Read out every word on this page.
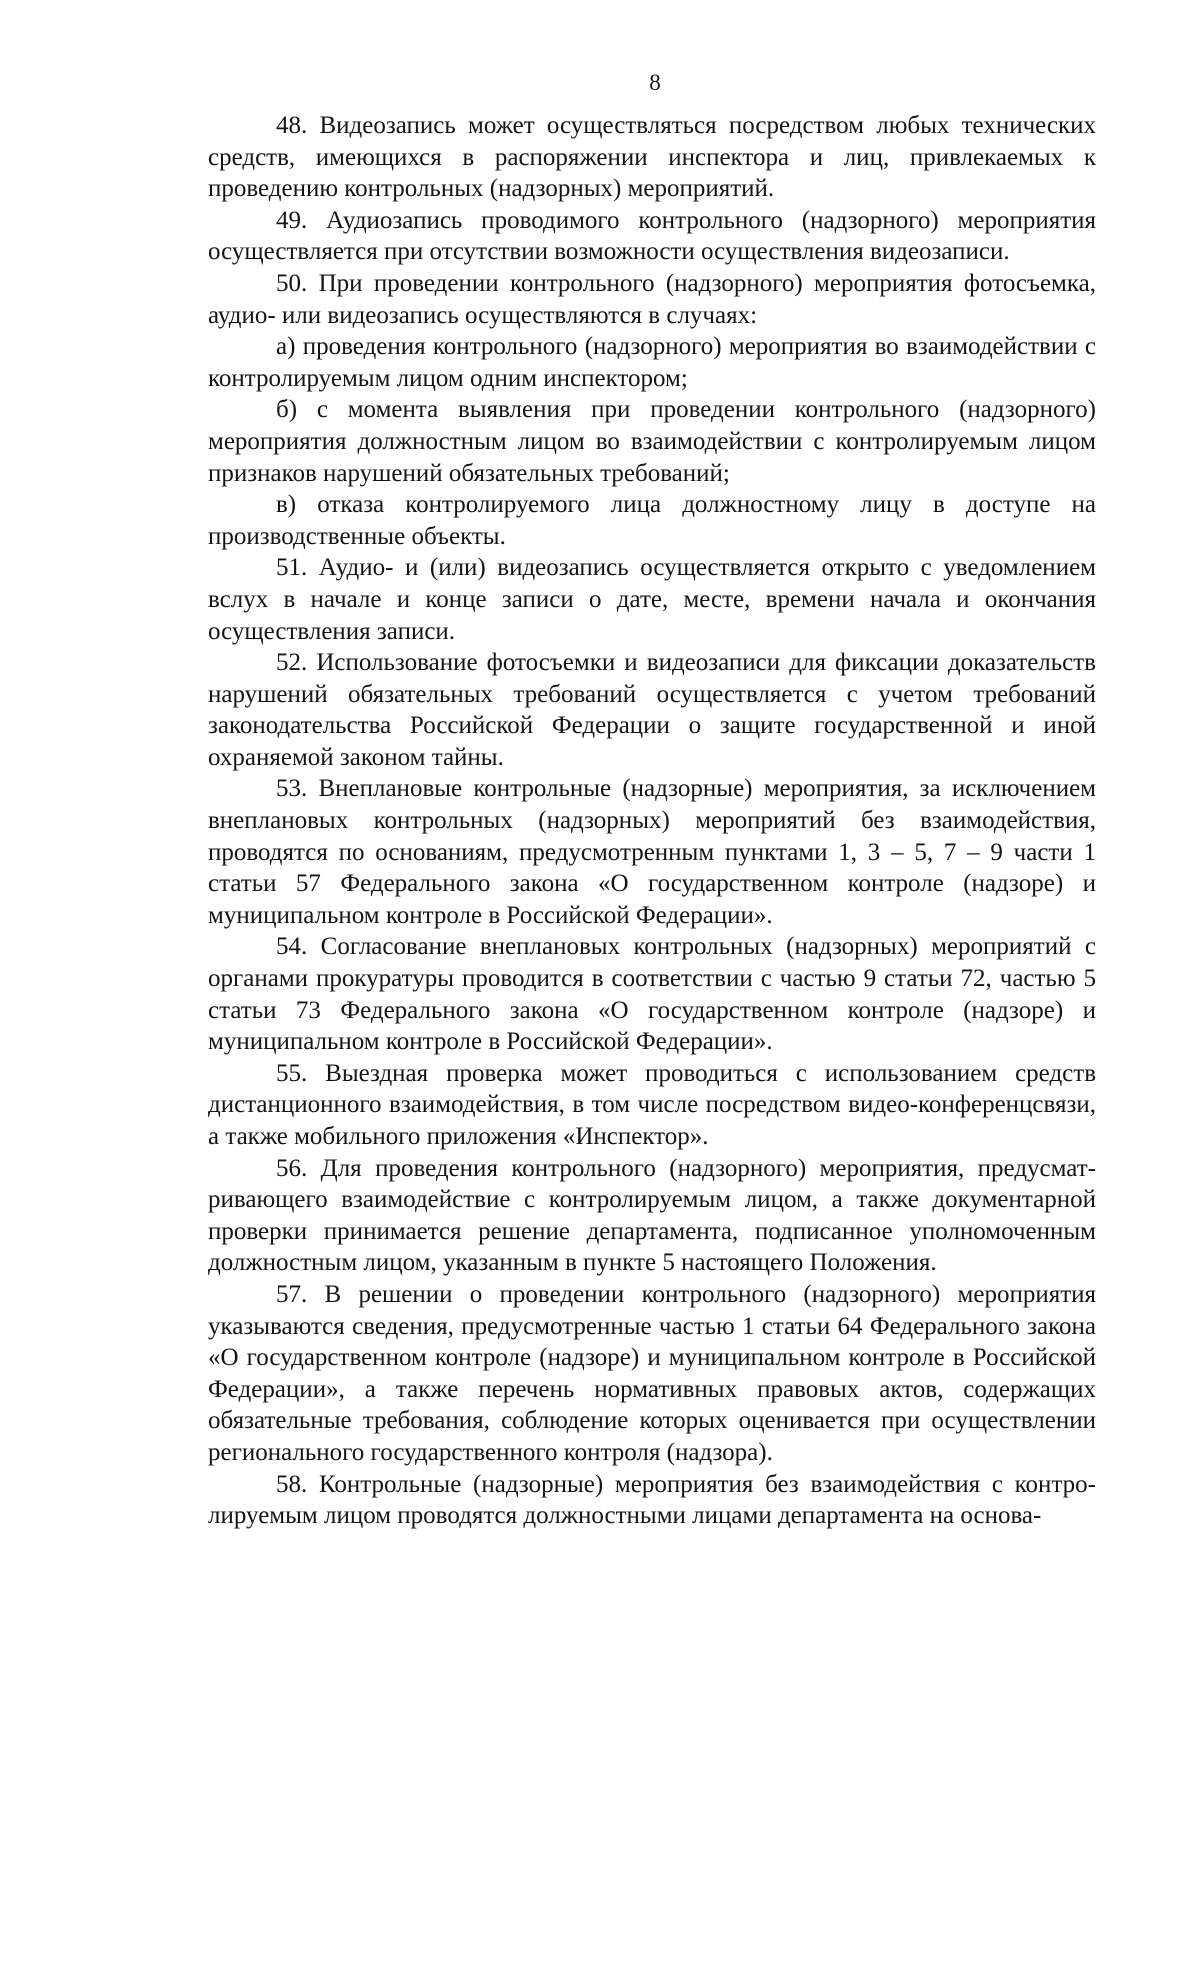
8

48. Видеозапись может осуществляться посредством любых технических средств, имеющихся в распоряжении инспектора и лиц, привлекаемых к проведению контрольных (надзорных) мероприятий.

49. Аудиозапись проводимого контрольного (надзорного) мероприятия осуществляется при отсутствии возможности осуществления видеозаписи.

50. При проведении контрольного (надзорного) мероприятия фотосъемка, аудио- или видеозапись осуществляются в случаях:

а) проведения контрольного (надзорного) мероприятия во взаимодействии с контролируемым лицом одним инспектором;

б) с момента выявления при проведении контрольного (надзорного) мероприятия должностным лицом во взаимодействии с контролируемым лицом признаков нарушений обязательных требований;

в) отказа контролируемого лица должностному лицу в доступе на производственные объекты.

51. Аудио- и (или) видеозапись осуществляется открыто с уведомлением вслух в начале и конце записи о дате, месте, времени начала и окончания осуществления записи.

52. Использование фотосъемки и видеозаписи для фиксации доказательств нарушений обязательных требований осуществляется с учетом требований законодательства Российской Федерации о защите государственной и иной охраняемой законом тайны.

53. Внеплановые контрольные (надзорные) мероприятия, за исключением внеплановых контрольных (надзорных) мероприятий без взаимодействия, проводятся по основаниям, предусмотренным пунктами 1, 3 – 5, 7 – 9 части 1 статьи 57 Федерального закона «О государственном контроле (надзоре) и муниципальном контроле в Российской Федерации».

54. Согласование внеплановых контрольных (надзорных) мероприятий с органами прокуратуры проводится в соответствии с частью 9 статьи 72, частью 5 статьи 73 Федерального закона «О государственном контроле (надзоре) и муниципальном контроле в Российской Федерации».

55. Выездная проверка может проводиться с использованием средств дистанционного взаимодействия, в том числе посредством видео-конференцсвязи, а также мобильного приложения «Инспектор».

56. Для проведения контрольного (надзорного) мероприятия, предусматривающего взаимодействие с контролируемым лицом, а также документарной проверки принимается решение департамента, подписанное уполномоченным должностным лицом, указанным в пункте 5 настоящего Положения.

57. В решении о проведении контрольного (надзорного) мероприятия указываются сведения, предусмотренные частью 1 статьи 64 Федерального закона «О государственном контроле (надзоре) и муниципальном контроле в Российской Федерации», а также перечень нормативных правовых актов, содержащих обязательные требования, соблюдение которых оценивается при осуществлении регионального государственного контроля (надзора).

58. Контрольные (надзорные) мероприятия без взаимодействия с контролируемым лицом проводятся должностными лицами департамента на основа-
